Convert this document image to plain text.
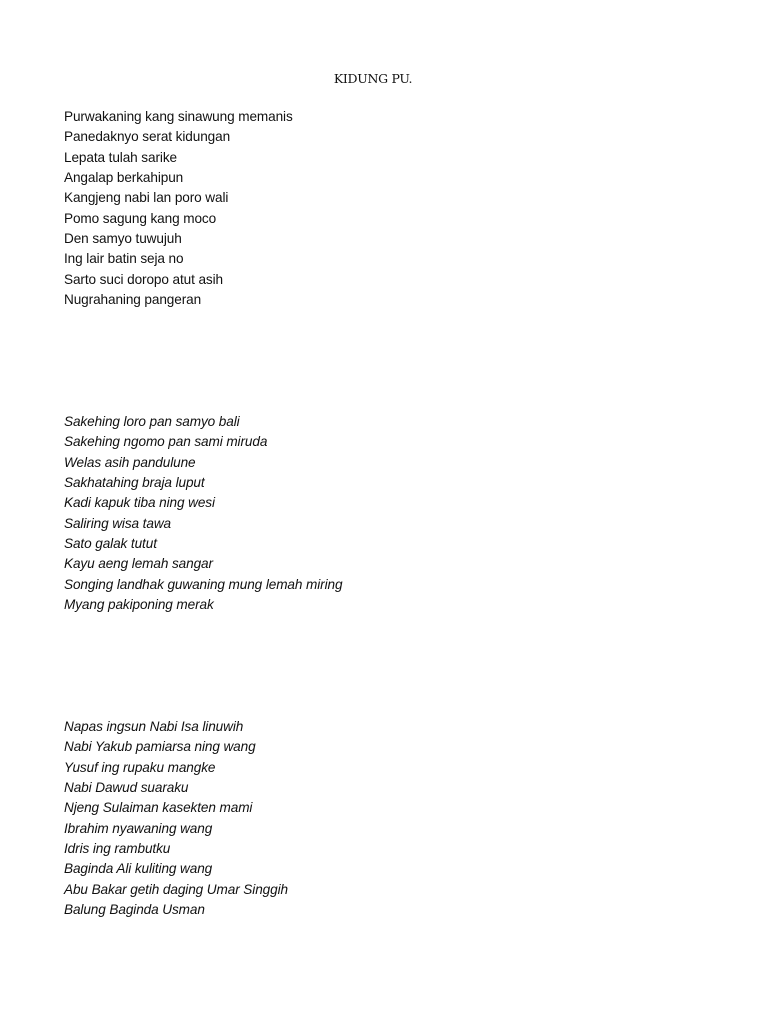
KIDUNG PU.
Purwakaning kang sinawung memanis
Panedaknyo serat kidungan
Lepata tulah sarike
Angalap berkahipun
Kangjeng nabi lan poro wali
Pomo sagung kang moco
Den samyo tuwujuh
Ing lair batin seja no
Sarto suci doropo atut asih
Nugrahaning pangeran
Sakehing loro pan samyo bali
Sakehing ngomo pan sami miruda
Welas asih pandulune
Sakhatahing braja luput
Kadi kapuk tiba ning wesi
Saliring wisa tawa
Sato galak tutut
Kayu aeng lemah sangar
Songing landhak guwaning mung lemah miring
Myang pakiponing merak
Napas ingsun Nabi Isa linuwih
Nabi Yakub pamiarsa ning wang
Yusuf ing rupaku mangke
Nabi Dawud suaraku
Njeng Sulaiman kasekten mami
Ibrahim nyawaning wang
Idris ing rambutku
Baginda Ali kuliting wang
Abu Bakar getih daging Umar Singgih
Balung Baginda Usman
